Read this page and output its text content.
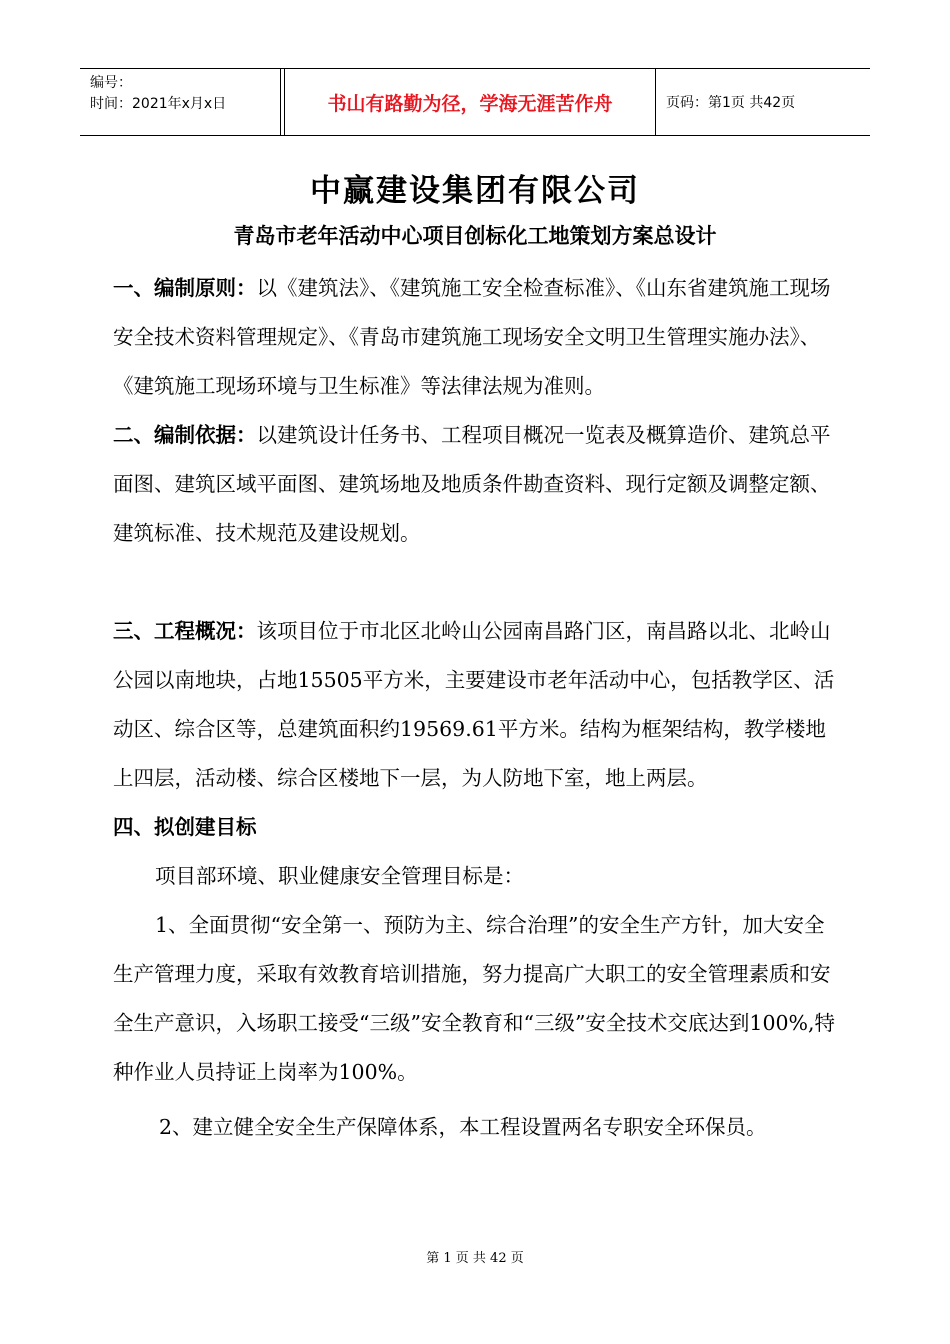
编号：
时间：2021年x月x日	书山有路勤为径，学海无涯苦作舟	页码：第1页 共42页
中赢建设集团有限公司
青岛市老年活动中心项目创标化工地策划方案总设计

一、编制原则：以《建筑法》、《建筑施工安全检查标准》、《山东省建筑施工现场安全技术资料管理规定》、《青岛市建筑施工现场安全文明卫生管理实施办法》、《建筑施工现场环境与卫生标准》等法律法规为准则。

二、编制依据：以建筑设计任务书、工程项目概况一览表及概算造价、建筑总平面图、建筑区域平面图、建筑场地及地质条件勘查资料、现行定额及调整定额、建筑标准、技术规范及建设规划。

三、工程概况：该项目位于市北区北岭山公园南昌路门区，南昌路以北、北岭山公园以南地块，占地15505平方米，主要建设市老年活动中心，包括教学区、活动区、综合区等，总建筑面积约19569.61平方米。结构为框架结构，教学楼地上四层，活动楼、综合区楼地下一层，为人防地下室，地上两层。

四、拟创建目标

项目部环境、职业健康安全管理目标是：

1、全面贯彻“安全第一、预防为主、综合治理”的安全生产方针，加大安全生产管理力度，采取有效教育培训措施，努力提高广大职工的安全管理素质和安全生产意识，入场职工接受“三级”安全教育和“三级”安全技术交底达到100%,特种作业人员持证上岗率为100%。

2、建立健全安全生产保障体系，本工程设置两名专职安全环保员。

第 1 页 共 42 页
